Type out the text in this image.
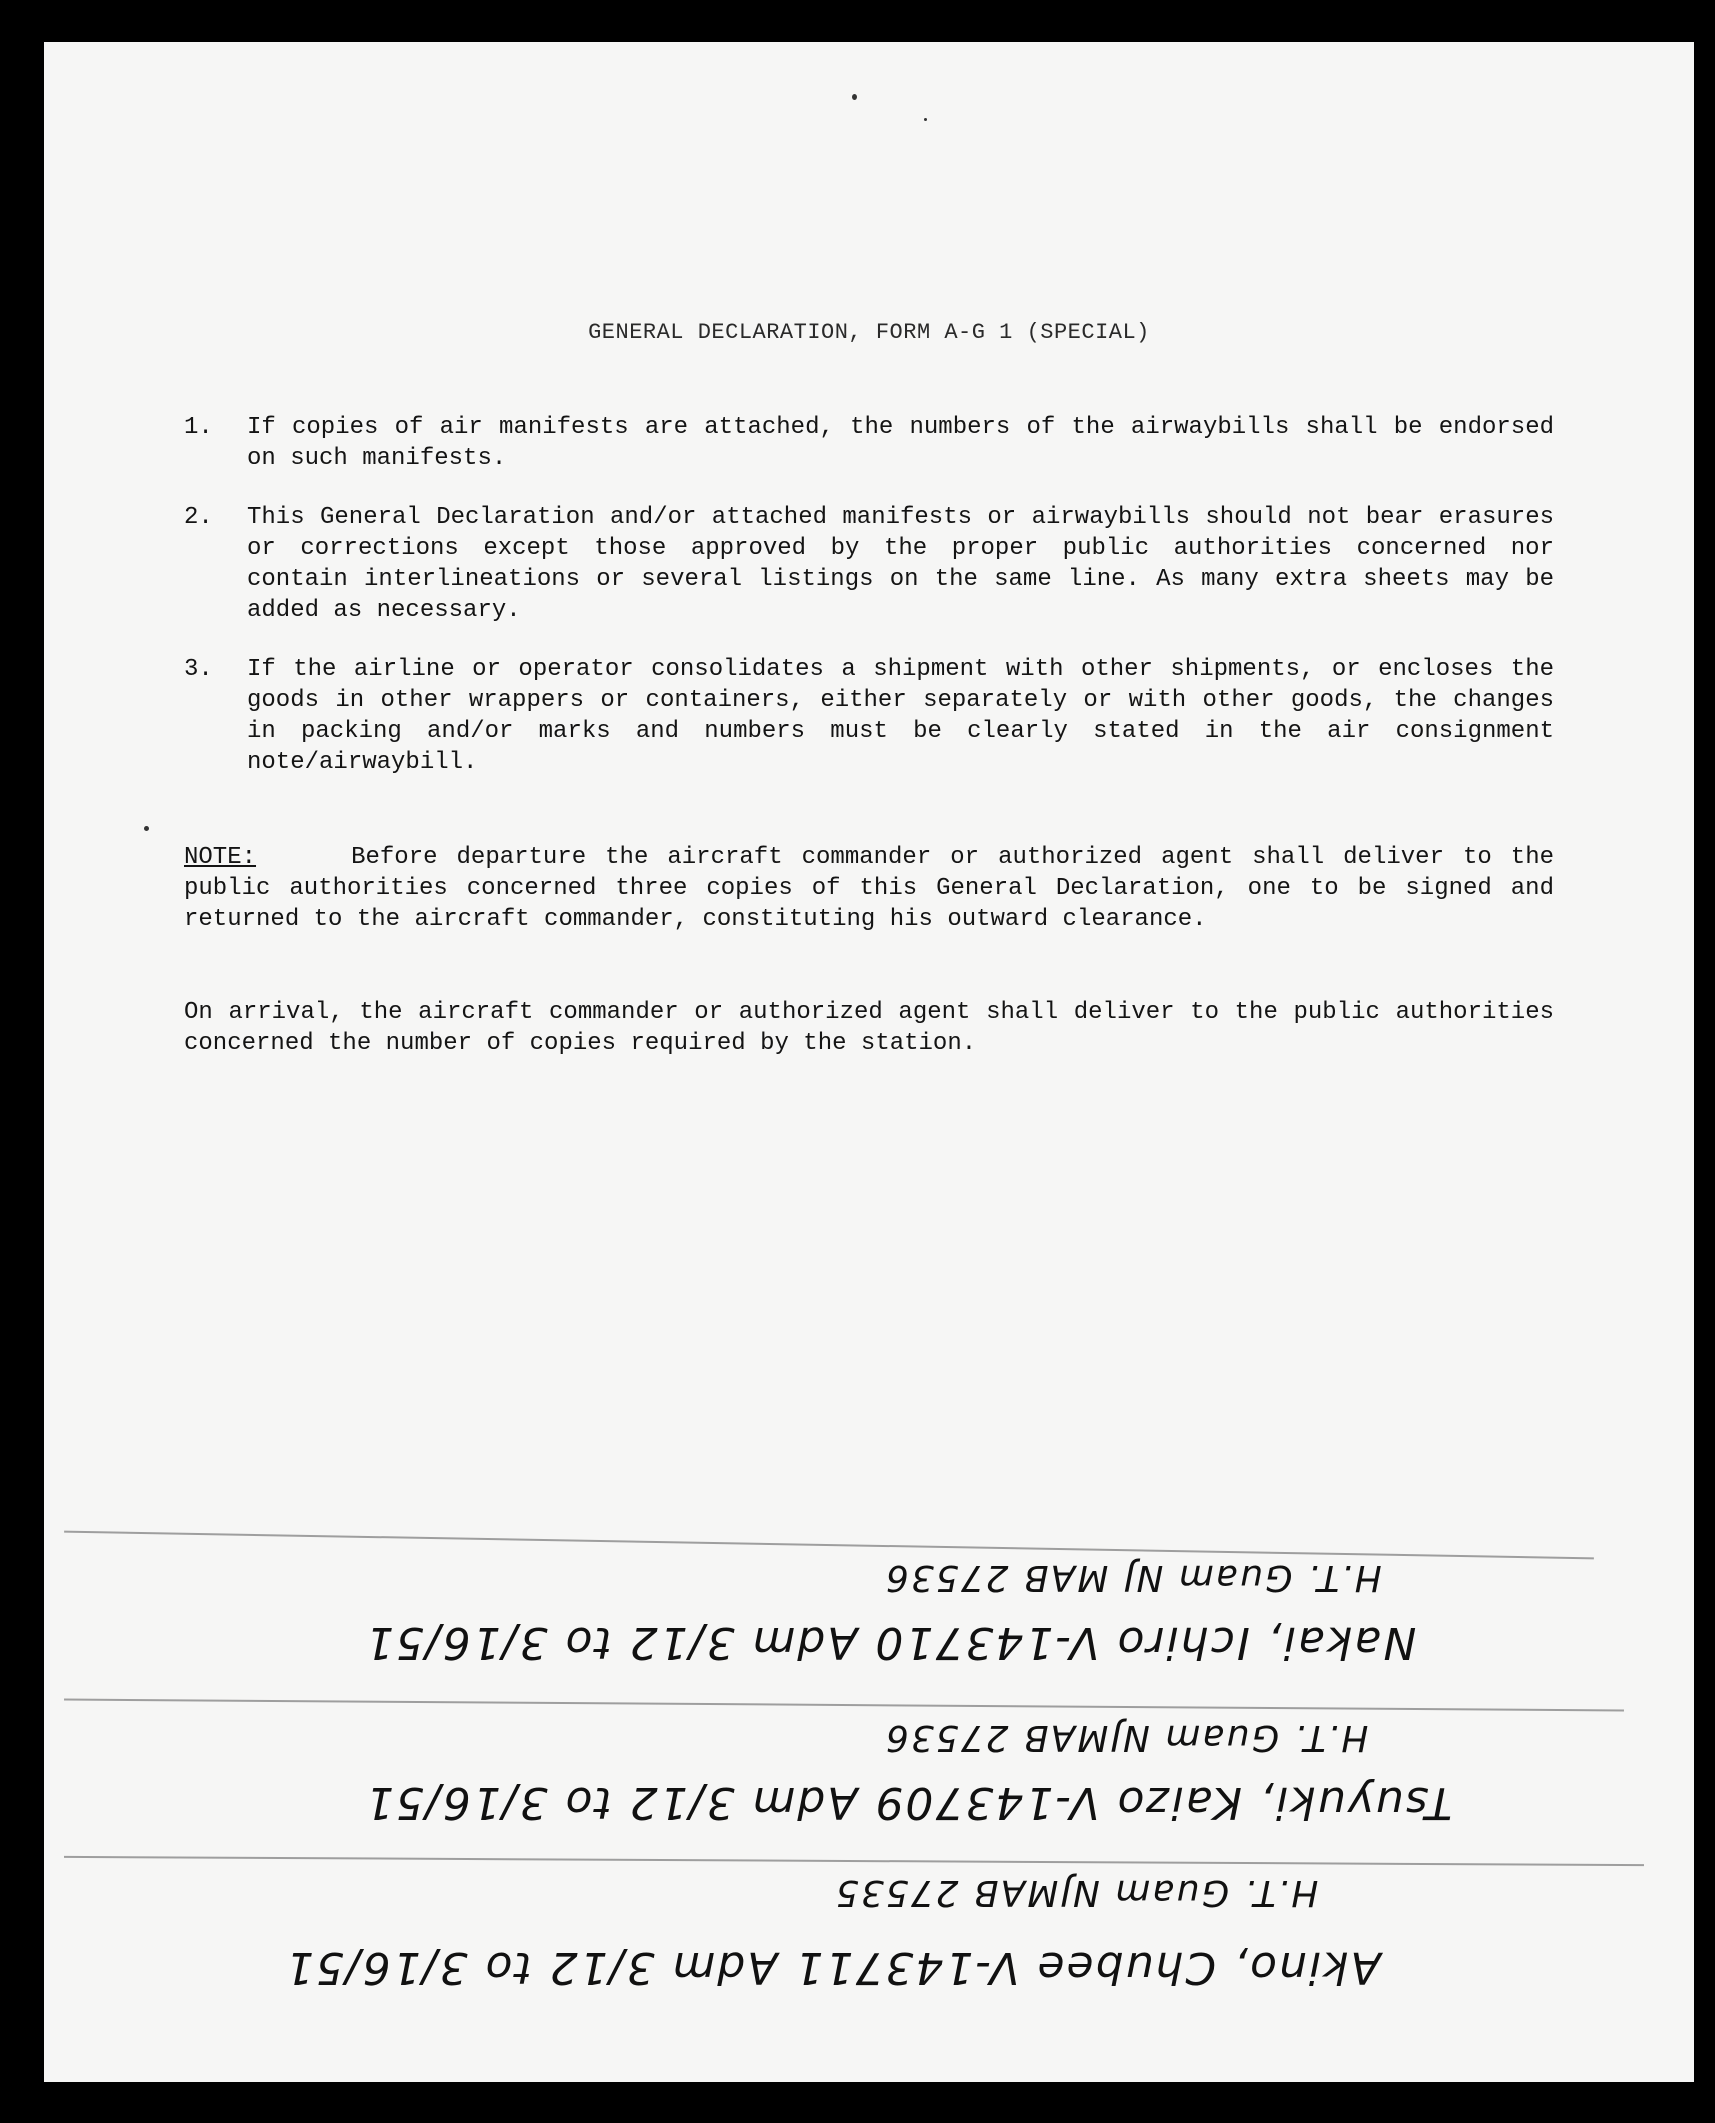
GENERAL DECLARATION, FORM A-G 1 (SPECIAL)
1.	If copies of air manifests are attached, the numbers of the airwaybills shall be endorsed on such manifests.
2.	This General Declaration and/or attached manifests or airwaybills should not bear erasures or corrections except those approved by the proper public authorities concerned nor contain interlineations or several listings on the same line. As many extra sheets may be added as necessary.
3.	If the airline or operator consolidates a shipment with other shipments, or encloses the goods in other wrappers or containers, either separately or with other goods, the changes in packing and/or marks and numbers must be clearly stated in the air consignment note/airwaybill.
NOTE:	Before departure the aircraft commander or authorized agent shall deliver to the public authorities concerned three copies of this General Declaration, one to be signed and returned to the aircraft commander, constituting his outward clearance.
On arrival, the aircraft commander or authorized agent shall deliver to the public authorities concerned the number of copies required by the station.
H.T. Guam NJ MAB 27536
Nakai, Ichiro V-143710 Adm 3/12 to 3/16/51
H.T. Guam NJMAB 27536
Tsuyuki, Kaizo V-143709 Adm 3/12 to 3/16/51
H.T. Guam NJMAB 27535
Akino, Chubee V-143711 Adm 3/12 to 3/16/51
